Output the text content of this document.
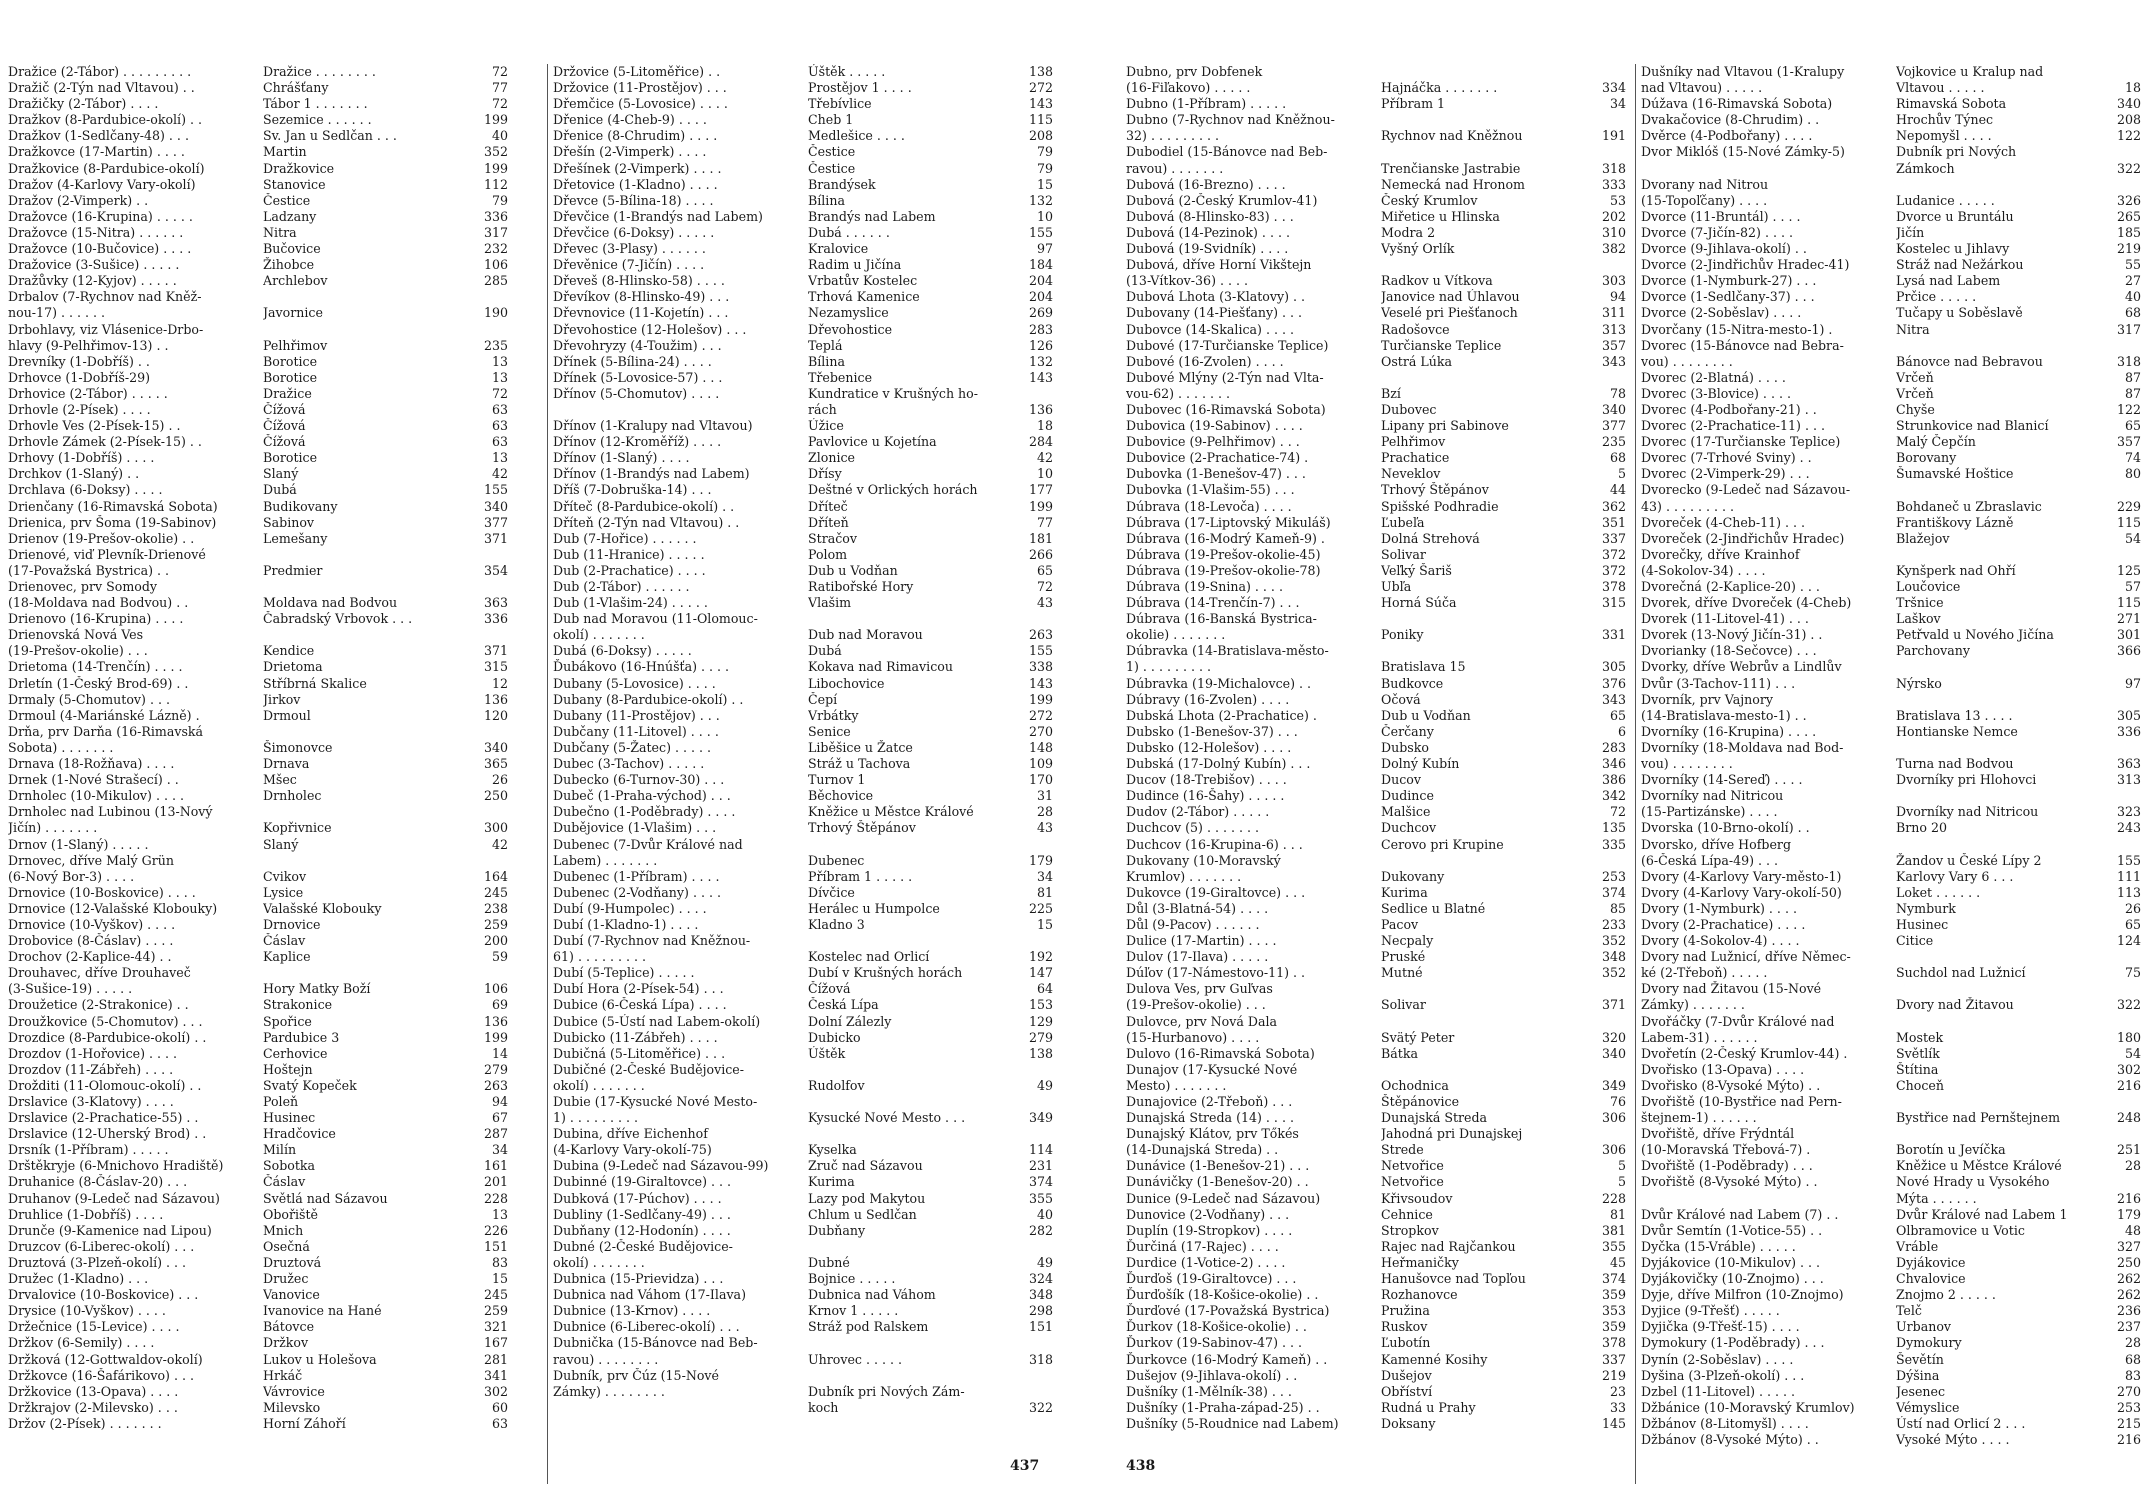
Dražice (2-Tábor) . . . . . . . . .	Dražice . . . . . . . .	72
Dražič (2-Týn nad Vltavou) . .	Chrášťany	77
Dražičky (2-Tábor) . . . .	Tábor 1 . . . . . . .	72
Dražkov (8-Pardubice-okolí) . .	Sezemice . . . . . .	199
Dražkov (1-Sedlčany-48) . . .	Sv. Jan u Sedlčan . . .	40
Dražkovce (17-Martin) . . . .	Martin	352
Dražkovice (8-Pardubice-okolí)	Dražkovice	199
Dražov (4-Karlovy Vary-okolí)	Stanovice	112
Dražov (2-Vimperk) . .	Čestice	79
Dražovce (16-Krupina) . . . . .	Ladzany	336
Dražovce (15-Nitra) . . . . . .	Nitra	317
Dražovce (10-Bučovice) . . . .	Bučovice	232
Dražovice (3-Sušice) . . . . .	Žihobce	106
Dražůvky (12-Kyjov) . . . . .	Archlebov	285
Drbalov (7-Rychnov nad Kněž-
nou-17) . . . . . .	Javornice	190
Drbohlavy, viz Vlásenice-Drbo-
hlavy (9-Pelhřimov-13) . .	Pelhřimov	235
Drevníky (1-Dobříš) . .	Borotice	13
Drhovce (1-Dobříš-29)	Borotice	13
Drhovice (2-Tábor) . . . . .	Dražice	72
Drhovle (2-Písek) . . . .	Čížová	63
Drhovle Ves (2-Písek-15) . .	Čížová	63
Drhovle Zámek (2-Písek-15) . .	Čížová	63
Drhovy (1-Dobříš) . . . .	Borotice	13
Drchkov (1-Slaný) . .	Slaný	42
Drchlava (6-Doksy) . . . .	Dubá	155
Drienčany (16-Rimavská Sobota)	Budikovany	340
Drienica, prv Šoma (19-Sabinov)	Sabinov	377
Drienov (19-Prešov-okolie) . .	Lemešany	371
Drienové, viď Plevník-Drienové
(17-Považská Bystrica) . .	Predmier	354
Drienovec, prv Somody
(18-Moldava nad Bodvou) . .	Moldava nad Bodvou	363
Drienovo (16-Krupina) . . . .	Čabradský Vrbovok . . .	336
Drienovská Nová Ves
(19-Prešov-okolie) . . .	Kendice	371
Drietoma (14-Trenčín) . . . .	Drietoma	315
Drletín (1-Český Brod-69) . .	Stříbrná Skalice	12
Drmaly (5-Chomutov) . . .	Jirkov	136
Drmoul (4-Mariánské Lázně) .	Drmoul	120
Drňa, prv Darňa (16-Rimavská
Sobota) . . . . . . .	Šimonovce	340
Drnava (18-Rožňava) . . . .	Drnava	365
Drnek (1-Nové Strašecí) . .	Mšec	26
Drnholec (10-Mikulov) . . . .	Drnholec	250
Drnholec nad Lubinou (13-Nový
Jičín) . . . . . . .	Kopřivnice	300
Drnov (1-Slaný) . . . . .	Slaný	42
Drnovec, dříve Malý Grün
(6-Nový Bor-3) . . . .	Cvikov	164
Drnovice (10-Boskovice) . . . .	Lysice	245
Drnovice (12-Valašské Klobouky)	Valašské Klobouky	238
Drnovice (10-Vyškov) . . . .	Drnovice	259
Drobovice (8-Čáslav) . . . .	Čáslav	200
Drochov (2-Kaplice-44) . .	Kaplice	59
Drouhavec, dříve Drouhaveč
(3-Sušice-19) . . . . .	Hory Matky Boží	106
Droužetice (2-Strakonice) . .	Strakonice	69
Droužkovice (5-Chomutov) . . .	Spořice	136
Drozdice (8-Pardubice-okolí) . .	Pardubice 3	199
Drozdov (1-Hořovice) . . . .	Cerhovice	14
Drozdov (11-Zábřeh) . . . .	Hoštejn	279
Drožditi (11-Olomouc-okolí) . .	Svatý Kopeček	263
Drslavice (3-Klatovy) . . . .	Poleň	94
Drslavice (2-Prachatice-55) . .	Husinec	67
Drslavice (12-Uherský Brod) . .	Hradčovice	287
Drsník (1-Příbram) . . . . .	Milín	34
Drštěkryje (6-Mnichovo Hradiště)	Sobotka	161
Druhanice (8-Čáslav-20) . . .	Čáslav	201
Druhanov (9-Ledeč nad Sázavou)	Světlá nad Sázavou	228
Druhlice (1-Dobříš) . . . .	Obořiště	13
Drunče (9-Kamenice nad Lipou)	Mnich	226
Druzcov (6-Liberec-okolí) . . .	Osečná	151
Druztová (3-Plzeň-okolí) . . .	Druztová	83
Družec (1-Kladno) . . .	Družec	15
Drvalovice (10-Boskovice) . . .	Vanovice	245
Drysice (10-Vyškov) . . . .	Ivanovice na Hané	259
Držečnice (15-Levice) . . . .	Bátovce	321
Držkov (6-Semily) . . . .	Držkov	167
Držková (12-Gottwaldov-okolí)	Lukov u Holešova	281
Držkovce (16-Šafárikovo) . . .	Hrkáč	341
Držkovice (13-Opava) . . . .	Vávrovice	302
Držkrajov (2-Milevsko) . . .	Milevsko	60
Držov (2-Písek) . . . . . . .	Horní Záhoří	63
Držovice (5-Litoměřice) . .	Úštěk . . . . .	138
Držovice (11-Prostějov) . . .	Prostějov 1 . . . .	272
Dřemčice (5-Lovosice) . . . .	Třebívlice	143
Dřenice (4-Cheb-9) . . . .	Cheb 1	115
Dřenice (8-Chrudim) . . . .	Medlešice . . . .	208
Dřešín (2-Vimperk) . . . .	Čestice	79
Dřešínek (2-Vimperk) . . . .	Čestice	79
Dřetovice (1-Kladno) . . . .	Brandýsek	15
Dřevce (5-Bílina-18) . . . .	Bílina	132
Dřevčice (1-Brandýs nad Labem)	Brandýs nad Labem	10
Dřevčice (6-Doksy) . . . . .	Dubá . . . . . .	155
Dřevec (3-Plasy) . . . . . .	Kralovice	97
Dřevěnice (7-Jičín) . . . .	Radim u Jičína	184
Dřeveš (8-Hlinsko-58) . . . .	Vrbatův Kostelec	204
Dřevíkov (8-Hlinsko-49) . . .	Trhová Kamenice	204
Dřevnovice (11-Kojetín) . . .	Nezamyslice	269
Dřevohostice (12-Holešov) . . .	Dřevohostice	283
Dřevohryzy (4-Toužim) . . .	Teplá	126
Dřínek (5-Bílina-24) . . . .	Bílina	132
Dřínek (5-Lovosice-57) . . .	Třebenice	143
Dřínov (5-Chomutov) . . . .	Kundratice v Krušných ho-
rách	136
Dřínov (1-Kralupy nad Vltavou)	Úžice	18
Dřínov (12-Kroměříž) . . . .	Pavlovice u Kojetína	284
Dřínov (1-Slaný) . . . .	Zlonice	42
Dřínov (1-Brandýs nad Labem)	Dřísy	10
Dříš (7-Dobruška-14) . . .	Deštné v Orlických horách	177
Dříteč (8-Pardubice-okolí) . .	Dříteč	199
Dříteň (2-Týn nad Vltavou) . .	Dříteň	77
Dub (7-Hořice) . . . . . .	Stračov	181
Dub (11-Hranice) . . . . .	Polom	266
Dub (2-Prachatice) . . . .	Dub u Vodňan	65
Dub (2-Tábor) . . . . . .	Ratibořské Hory	72
Dub (1-Vlašim-24) . . . . .	Vlašim	43
Dub nad Moravou (11-Olomouc-
okolí) . . . . . . .	Dub nad Moravou	263
Dubá (6-Doksy) . . . . .	Dubá	155
Ďubákovo (16-Hnúšťa) . . . .	Kokava nad Rimavicou	338
Dubany (5-Lovosice) . . . .	Libochovice	143
Dubany (8-Pardubice-okolí) . .	Čepí	199
Dubany (11-Prostějov) . . .	Vrbátky	272
Dubčany (11-Litovel) . . . .	Senice	270
Dubčany (5-Žatec) . . . . .	Liběšice u Žatce	148
Dubec (3-Tachov) . . . . .	Stráž u Tachova	109
Dubecko (6-Turnov-30) . . .	Turnov 1	170
Dubeč (1-Praha-východ) . . .	Běchovice	31
Dubečno (1-Poděbrady) . . . .	Kněžice u Městce Králové	28
Dubějovice (1-Vlašim) . . .	Trhový Štěpánov	43
Dubenec (7-Dvůr Králové nad
Labem) . . . . . . .	Dubenec	179
Dubenec (1-Příbram) . . . .	Příbram 1 . . . . .	34
Dubenec (2-Vodňany) . . . .	Dívčice	81
Dubí (9-Humpolec) . . . .	Herálec u Humpolce	225
Dubí (1-Kladno-1) . . . .	Kladno 3	15
Dubí (7-Rychnov nad Kněžnou-
61) . . . . . . . . .	Kostelec nad Orlicí	192
Dubí (5-Teplice) . . . . .	Dubí v Krušných horách	147
Dubí Hora (2-Písek-54) . . .	Čížová	64
Dubice (6-Česká Lípa) . . . .	Česká Lípa	153
Dubice (5-Ústí nad Labem-okolí)	Dolní Zálezly	129
Dubicko (11-Zábřeh) . . . .	Dubicko	279
Dubičná (5-Litoměřice) . . .	Úštěk	138
Dubičné (2-České Budějovice-
okolí) . . . . . . .	Rudolfov	49
Dubie (17-Kysucké Nové Mesto-
1) . . . . . . . . .	Kysucké Nové Mesto . . .	349
Dubina, dříve Eichenhof
(4-Karlovy Vary-okolí-75)	Kyselka	114
Dubina (9-Ledeč nad Sázavou-99)	Zruč nad Sázavou	231
Dubinné (19-Giraltovce) . . .	Kurima	374
Dubková (17-Púchov) . . . .	Lazy pod Makytou	355
Dubliny (1-Sedlčany-49) . . .	Chlum u Sedlčan	40
Dubňany (12-Hodonín) . . . .	Dubňany	282
Dubné (2-České Budějovice-
okolí) . . . . . . .	Dubné	49
Dubnica (15-Prievidza) . . .	Bojnice . . . . .	324
Dubnica nad Váhom (17-Ilava)	Dubnica nad Váhom	348
Dubnice (13-Krnov) . . . .	Krnov 1 . . . . .	298
Dubnice (6-Liberec-okolí) . . .	Stráž pod Ralskem	151
Dubnička (15-Bánovce nad Beb-
ravou) . . . . . . . .	Uhrovec . . . . .	318
Dubník, prv Čúz (15-Nové
Zámky) . . . . . . . .	Dubník pri Nových Zám-
koch	322
437
Dubno, prv Dobfenek
(16-Fiľakovo) . . . . .	Hajnáčka . . . . . . .	334
Dubno (1-Příbram) . . . . .	Příbram 1	34
Dubno (7-Rychnov nad Kněžnou-
32) . . . . . . . . .	Rychnov nad Kněžnou	191
Dubodiel (15-Bánovce nad Beb-
ravou) . . . . . . .	Trenčianske Jastrabie	318
Dubová (16-Brezno) . . . .	Nemecká nad Hronom	333
Dubová (2-Český Krumlov-41)	Český Krumlov	53
Dubová (8-Hlinsko-83) . . .	Miřetice u Hlinska	202
Dubová (14-Pezinok) . . . .	Modra 2	310
Dubová (19-Svidník) . . . .	Vyšný Orlík	382
Dubová, dříve Horní Vikštejn
(13-Vítkov-36) . . . .	Radkov u Vítkova	303
Dubová Lhota (3-Klatovy) . .	Janovice nad Úhlavou	94
Dubovany (14-Piešťany) . . .	Veselé pri Piešťanoch	311
Dubovce (14-Skalica) . . . .	Radošovce	313
Dubové (17-Turčianske Teplice)	Turčianske Teplice	357
Dubové (16-Zvolen) . . . .	Ostrá Lúka	343
Dubové Mlýny (2-Týn nad Vlta-
vou-62) . . . . . . .	Bzí	78
Dubovec (16-Rimavská Sobota)	Dubovec	340
Dubovica (19-Sabinov) . . . .	Lipany pri Sabinove	377
Dubovice (9-Pelhřimov) . . .	Pelhřimov	235
Dubovice (2-Prachatice-74) .	Prachatice	68
Dubovka (1-Benešov-47) . . .	Neveklov	5
Dubovka (1-Vlašim-55) . . .	Trhový Štěpánov	44
Dúbrava (18-Levoča) . . . .	Spišské Podhradie	362
Dúbrava (17-Liptovský Mikuláš)	Ľubeľa	351
Dúbrava (16-Modrý Kameň-9) .	Dolná Strehová	337
Dúbrava (19-Prešov-okolie-45)	Solivar	372
Dúbrava (19-Prešov-okolie-78)	Veľký Šariš	372
Dúbrava (19-Snina) . . . .	Ubľa	378
Dúbrava (14-Trenčín-7) . . .	Horná Súča	315
Dúbrava (16-Banská Bystrica-
okolie) . . . . . . .	Poniky	331
Dúbravka (14-Bratislava-město-
1) . . . . . . . . .	Bratislava 15	305
Dúbravka (19-Michalovce) . .	Budkovce	376
Dúbravy (16-Zvolen) . . . .	Očová	343
Dubská Lhota (2-Prachatice) .	Dub u Vodňan	65
Dubsko (1-Benešov-37) . . .	Čerčany	6
Dubsko (12-Holešov) . . . .	Dubsko	283
Dubská (17-Dolný Kubín) . . .	Dolný Kubín	346
Ducov (18-Trebišov) . . . .	Ducov	386
Dudince (16-Šahy) . . . . .	Dudince	342
Dudov (2-Tábor) . . . . .	Malšice	72
Duchcov (5) . . . . . . .	Duchcov	135
Duchcov (16-Krupina-6) . . .	Cerovo pri Krupine	335
Dukovany (10-Moravský
Krumlov) . . . . . . .	Dukovany	253
Dukovce (19-Giraltovce) . . .	Kurima	374
Důl (3-Blatná-54) . . . .	Sedlice u Blatné	85
Důl (9-Pacov) . . . . . .	Pacov	233
Dulice (17-Martin) . . . .	Necpaly	352
Dulov (17-Ilava) . . . . .	Pruské	348
Dúľov (17-Námestovo-11) . .	Mutné	352
Dulova Ves, prv Guľvas
(19-Prešov-okolie) . . .	Solivar	371
Dulovce, prv Nová Dala
(15-Hurbanovo) . . . .	Svätý Peter	320
Dulovo (16-Rimavská Sobota)	Bátka	340
Dunajov (17-Kysucké Nové
Mesto) . . . . . . .	Ochodnica	349
Dunajovice (2-Třeboň) . . .	Štěpánovice	76
Dunajská Streda (14) . . . .	Dunajská Streda	306
Dunajský Klátov, prv Tőkés	Jahodná pri Dunajskej
(14-Dunajská Streda) . .	Strede	306
Dunávice (1-Benešov-21) . . .	Netvořice	5
Dunávičky (1-Benešov-20) . .	Netvořice	5
Dunice (9-Ledeč nad Sázavou)	Křivsoudov	228
Dunovice (2-Vodňany) . . .	Cehnice	81
Duplín (19-Stropkov) . . . .	Stropkov	381
Ďurčiná (17-Rajec) . . . .	Rajec nad Rajčankou	355
Durdice (1-Votice-2) . . . .	Heřmaničky	45
Ďurďoš (19-Giraltovce) . . .	Hanušovce nad Topľou	374
Ďurďošík (18-Košice-okolie) . .	Rozhanovce	359
Ďurďové (17-Považská Bystrica)	Pružina	353
Ďurkov (18-Košice-okolie) . .	Ruskov	359
Ďurkov (19-Sabinov-47) . . .	Ľubotín	378
Ďurkovce (16-Modrý Kameň) . .	Kamenné Kosihy	337
Dušejov (9-Jihlava-okolí) . .	Dušejov	219
Dušníky (1-Mělník-38) . . .	Obříství	23
Dušníky (1-Praha-západ-25) . .	Rudná u Prahy	33
Dušníky (5-Roudnice nad Labem)	Doksany	145
Dušníky nad Vltavou (1-Kralupy	Vojkovice u Kralup nad
nad Vltavou) . . . . .	Vltavou . . . . .	18
Dúžava (16-Rimavská Sobota)	Rimavská Sobota	340
Dvakačovice (8-Chrudim) . .	Hrochův Týnec	208
Dvěrce (4-Podbořany) . . . .	Nepomyšl . . . .	122
Dvor Miklóš (15-Nové Zámky-5)	Dubník pri Nových
Zámkoch	322
Dvorany nad Nitrou
(15-Topoľčany) . . . .	Ludanice . . . . .	326
Dvorce (11-Bruntál) . . . .	Dvorce u Bruntálu	265
Dvorce (7-Jičín-82) . . . .	Jičín	185
Dvorce (9-Jihlava-okolí) . .	Kostelec u Jihlavy	219
Dvorce (2-Jindřichův Hradec-41)	Stráž nad Nežárkou	55
Dvorce (1-Nymburk-27) . . .	Lysá nad Labem	27
Dvorce (1-Sedlčany-37) . . .	Prčice . . . . .	40
Dvorce (2-Soběslav) . . . .	Tučapy u Soběslavě	68
Dvorčany (15-Nitra-mesto-1) .	Nitra	317
Dvorec (15-Bánovce nad Bebra-
vou) . . . . . . . .	Bánovce nad Bebravou	318
Dvorec (2-Blatná) . . . .	Vrčeň	87
Dvorec (3-Blovice) . . . .	Vrčeň	87
Dvorec (4-Podbořany-21) . .	Chyše	122
Dvorec (2-Prachatice-11) . . .	Strunkovice nad Blanicí	65
Dvorec (17-Turčianske Teplice)	Malý Čepčín	357
Dvorec (7-Trhové Sviny) . .	Borovany	74
Dvorec (2-Vimperk-29) . . .	Šumavské Hoštice	80
Dvorecko (9-Ledeč nad Sázavou-
43) . . . . . . . . .	Bohdaneč u Zbraslavic	229
Dvoreček (4-Cheb-11) . . .	Františkovy Lázně	115
Dvoreček (2-Jindřichův Hradec)	Blažejov	54
Dvorečky, dříve Krainhof
(4-Sokolov-34) . . . .	Kynšperk nad Ohří	125
Dvorečná (2-Kaplice-20) . . .	Loučovice	57
Dvorek, dříve Dvoreček (4-Cheb)	Tršnice	115
Dvorek (11-Litovel-41) . . .	Laškov	271
Dvorek (13-Nový Jičín-31) . .	Petřvald u Nového Jičína	301
Dvorianky (18-Sečovce) . . .	Parchovany	366
Dvorky, dříve Webrův a Lindlův
Dvůr (3-Tachov-111) . . .	Nýrsko	97
Dvorník, prv Vajnory
(14-Bratislava-mesto-1) . .	Bratislava 13 . . . .	305
Dvorníky (16-Krupina) . . . .	Hontianske Nemce	336
Dvorníky (18-Moldava nad Bod-
vou) . . . . . . . .	Turna nad Bodvou	363
Dvorníky (14-Sereď) . . . .	Dvorníky pri Hlohovci	313
Dvorníky nad Nitricou
(15-Partizánske) . . . .	Dvorníky nad Nitricou	323
Dvorska (10-Brno-okolí) . .	Brno 20	243
Dvorsko, dříve Hofberg
(6-Česká Lípa-49) . . .	Žandov u České Lípy 2	155
Dvory (4-Karlovy Vary-město-1)	Karlovy Vary 6 . . .	111
Dvory (4-Karlovy Vary-okolí-50)	Loket . . . . . .	113
Dvory (1-Nymburk) . . . .	Nymburk	26
Dvory (2-Prachatice) . . . .	Husinec	65
Dvory (4-Sokolov-4) . . . .	Citice	124
Dvory nad Lužnicí, dříve Němec-
ké (2-Třeboň) . . . . .	Suchdol nad Lužnicí	75
Dvory nad Žitavou (15-Nové
Zámky) . . . . . . .	Dvory nad Žitavou	322
Dvořáčky (7-Dvůr Králové nad
Labem-31) . . . . . .	Mostek	180
Dvořetín (2-Český Krumlov-44) .	Světlík	54
Dvořisko (13-Opava) . . . .	Štítina	302
Dvořisko (8-Vysoké Mýto) . .	Choceň	216
Dvořiště (10-Bystřice nad Pern-
štejnem-1) . . . . . .	Bystřice nad Pernštejnem	248
Dvořiště, dříve Frýdntál
(10-Moravská Třebová-7) .	Borotín u Jevíčka	251
Dvořiště (1-Poděbrady) . . .	Kněžice u Městce Králové	28
Dvořiště (8-Vysoké Mýto) . .	Nové Hrady u Vysokého
Mýta . . . . . .	216
Dvůr Králové nad Labem (7) . .	Dvůr Králové nad Labem 1	179
Dvůr Semtín (1-Votice-55) . .	Olbramovice u Votic	48
Dyčka (15-Vráble) . . . . .	Vráble	327
Dyjákovice (10-Mikulov) . . .	Dyjákovice	250
Dyjákovičky (10-Znojmo) . . .	Chvalovice	262
Dyje, dříve Milfron (10-Znojmo)	Znojmo 2 . . . . .	262
Dyjice (9-Třešť) . . . . .	Telč	236
Dyjička (9-Třešť-15) . . . .	Urbanov	237
Dymokury (1-Poděbrady) . . .	Dymokury	28
Dynín (2-Soběslav) . . . .	Ševětín	68
Dyšina (3-Plzeň-okolí) . . .	Dýšina	83
Dzbel (11-Litovel) . . . . .	Jesenec	270
Džbánice (10-Moravský Krumlov)	Vémyslice	253
Džbánov (8-Litomyšl) . . . .	Ústí nad Orlicí 2 . . .	215
Džbánov (8-Vysoké Mýto) . .	Vysoké Mýto . . . .	216
438
